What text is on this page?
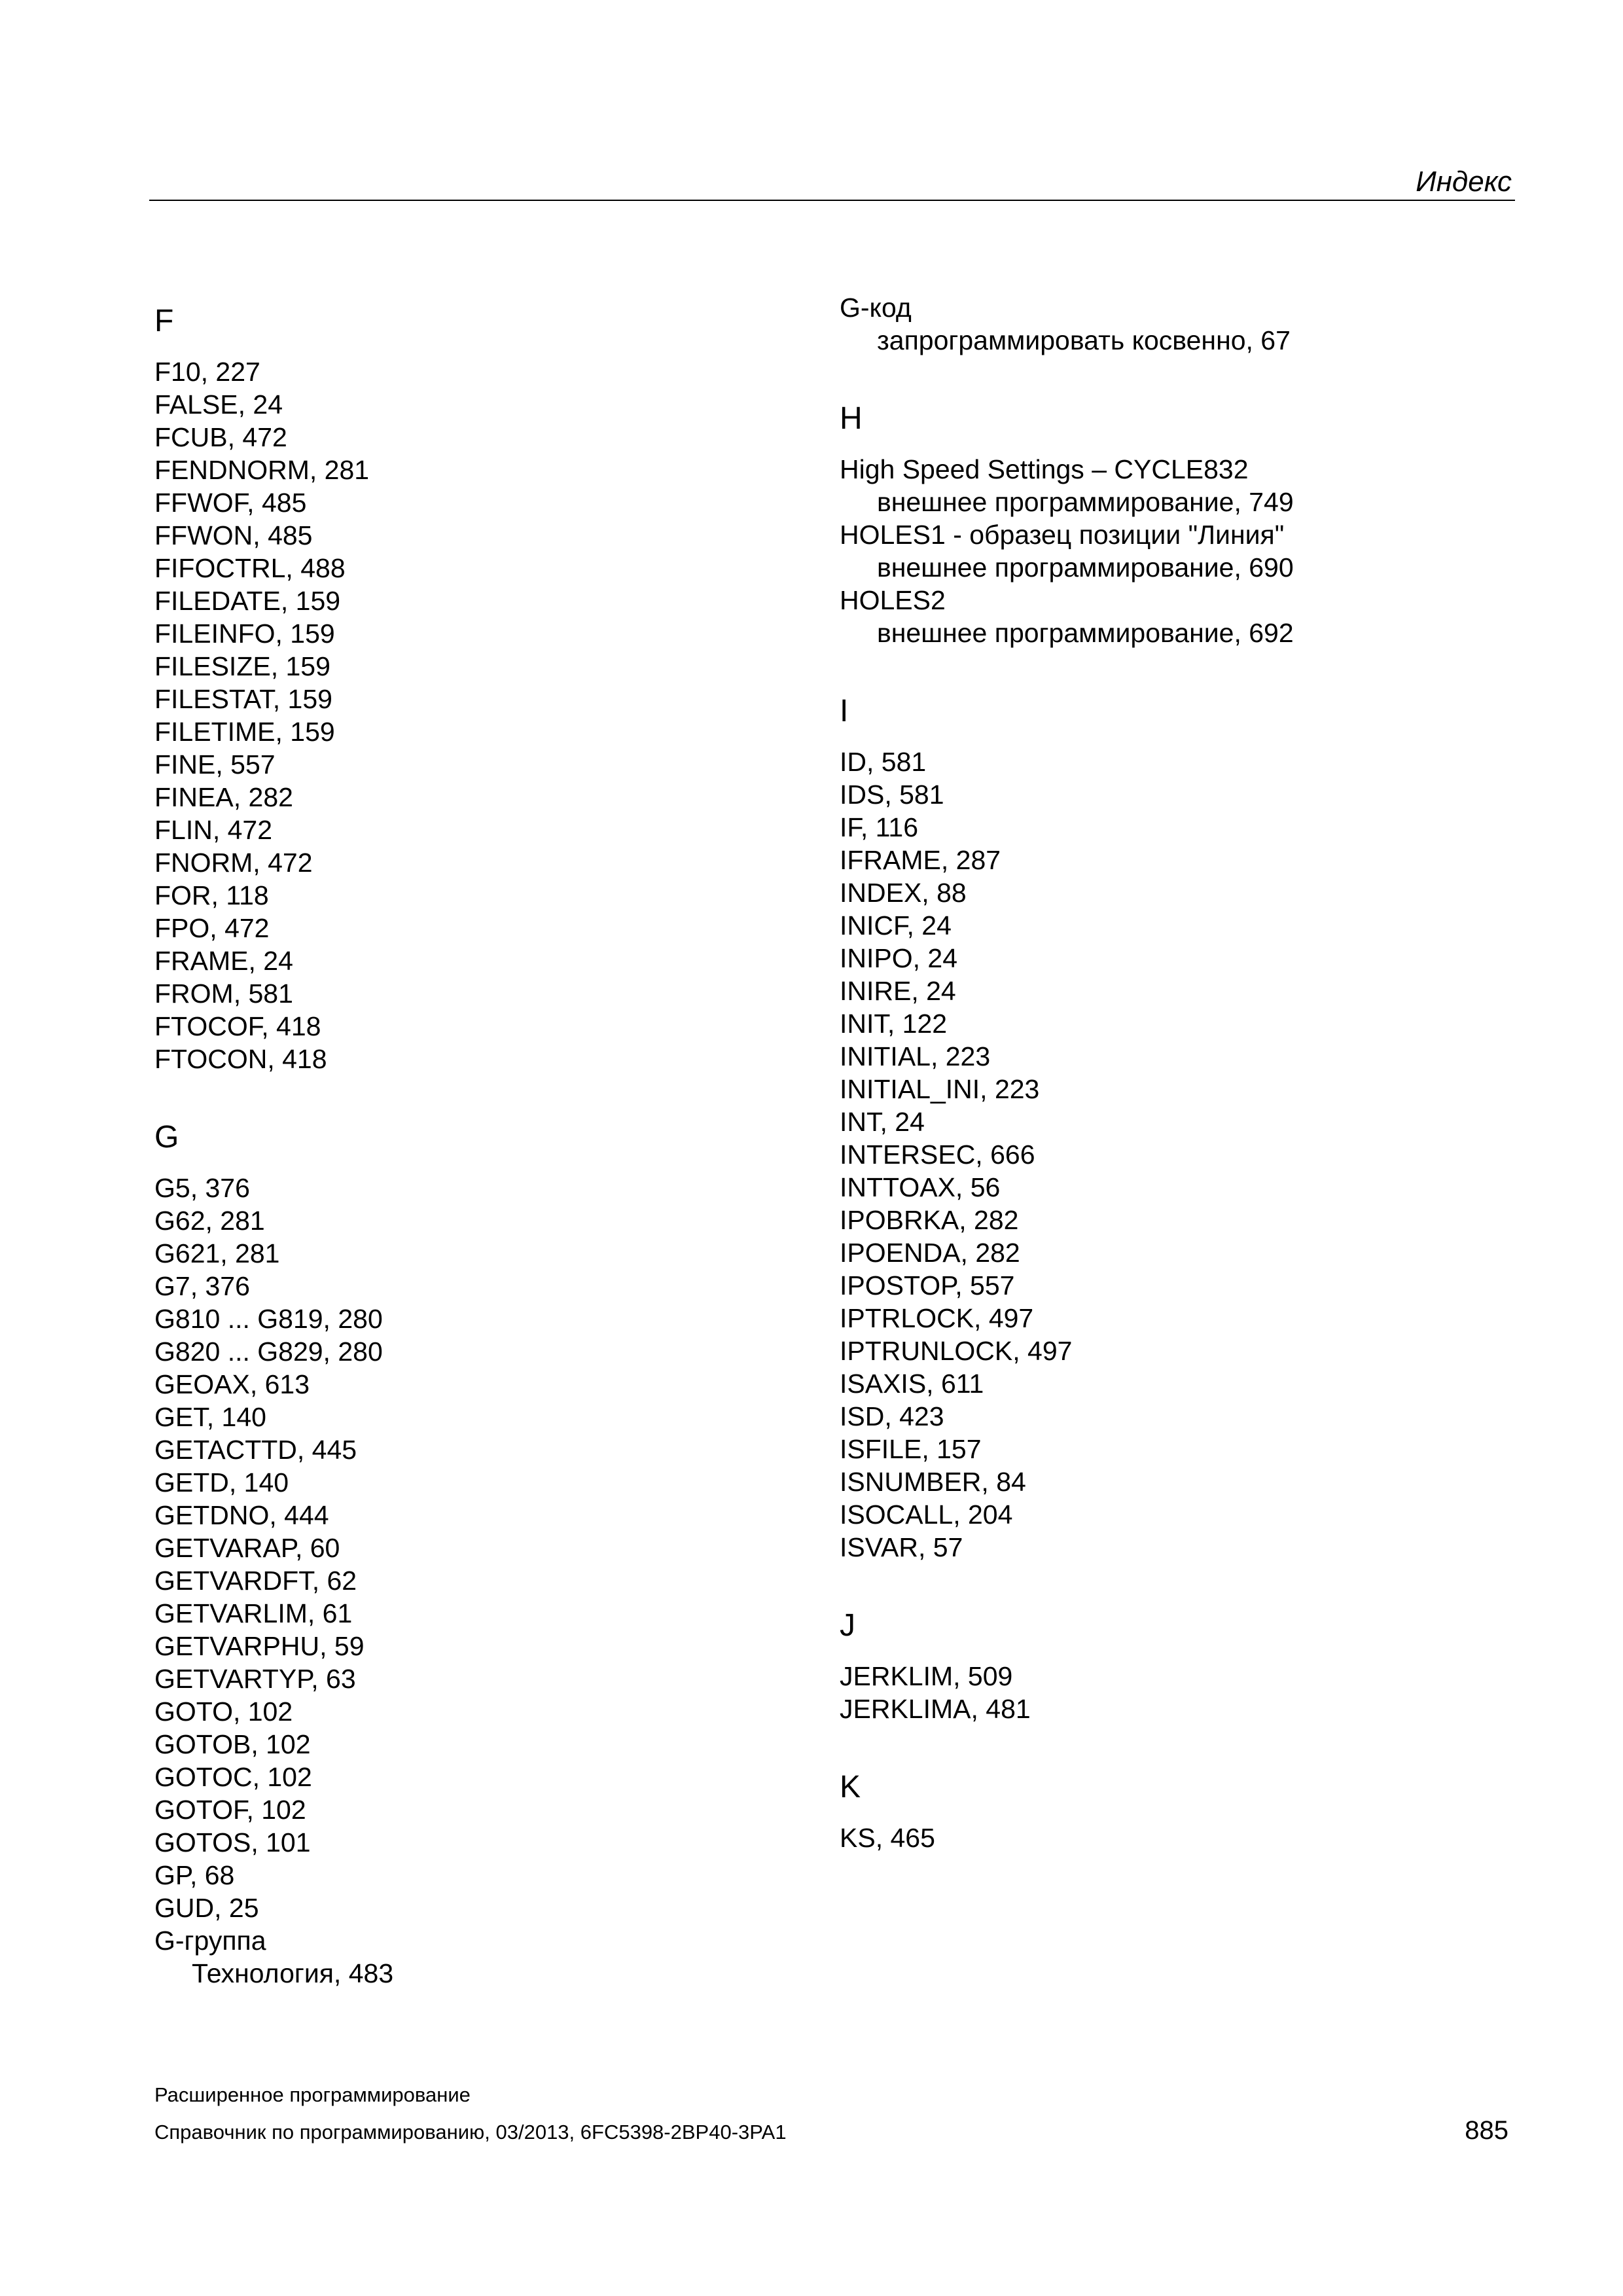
Индекс
F
F10, 227
FALSE, 24
FCUB, 472
FENDNORM, 281
FFWOF, 485
FFWON, 485
FIFOCTRL, 488
FILEDATE, 159
FILEINFO, 159
FILESIZE, 159
FILESTAT, 159
FILETIME, 159
FINE, 557
FINEA, 282
FLIN, 472
FNORM, 472
FOR, 118
FPO, 472
FRAME, 24
FROM, 581
FTOCOF, 418
FTOCON, 418
G
G5, 376
G62, 281
G621, 281
G7, 376
G810 ... G819, 280
G820 ... G829, 280
GEOAX, 613
GET, 140
GETACTTD, 445
GETD, 140
GETDNO, 444
GETVARAP, 60
GETVARDFT, 62
GETVARLIM, 61
GETVARPHU, 59
GETVARTYP, 63
GOTO, 102
GOTOB, 102
GOTOC, 102
GOTOF, 102
GOTOS, 101
GP, 68
GUD, 25
G-группа
Технология, 483
G-код
запрограммировать косвенно, 67
H
High Speed Settings – CYCLE832
внешнее программирование, 749
HOLES1 - образец позиции "Линия"
внешнее программирование, 690
HOLES2
внешнее программирование, 692
I
ID, 581
IDS, 581
IF, 116
IFRAME, 287
INDEX, 88
INICF, 24
INIPO, 24
INIRE, 24
INIT, 122
INITIAL, 223
INITIAL_INI, 223
INT, 24
INTERSEC, 666
INTTOAX, 56
IPOBRKA, 282
IPOENDA, 282
IPOSTOP, 557
IPTRLOCK, 497
IPTRUNLOCK, 497
ISAXIS, 611
ISD, 423
ISFILE, 157
ISNUMBER, 84
ISOCALL, 204
ISVAR, 57
J
JERKLIM, 509
JERKLIMA, 481
K
KS, 465
Расширенное программирование
Справочник по программированию, 03/2013, 6FC5398-2BP40-3PA1	885
